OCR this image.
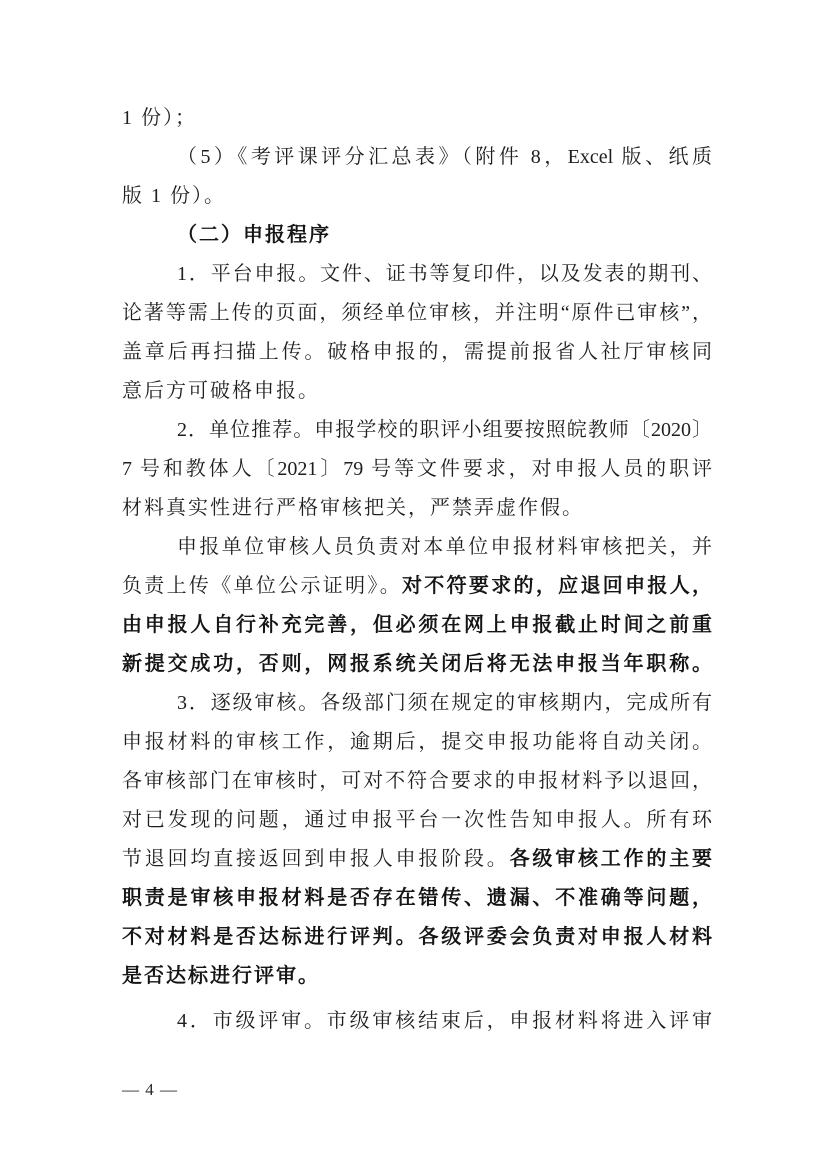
1 份）；
（5）《考评课评分汇总表》（附件 8，Excel 版、纸质
版 1 份）。
（二）申报程序
1．平台申报。文件、证书等复印件，以及发表的期刊、
论著等需上传的页面，须经单位审核，并注明“原件已审核”，
盖章后再扫描上传。破格申报的，需提前报省人社厅审核同
意后方可破格申报。
2．单位推荐。申报学校的职评小组要按照皖教师〔2020〕
7 号和教体人〔2021〕79 号等文件要求，对申报人员的职评
材料真实性进行严格审核把关，严禁弄虚作假。
申报单位审核人员负责对本单位申报材料审核把关，并
负责上传《单位公示证明》。对不符要求的，应退回申报人，
由申报人自行补充完善，但必须在网上申报截止时间之前重
新提交成功，否则，网报系统关闭后将无法申报当年职称。
3．逐级审核。各级部门须在规定的审核期内，完成所有
申报材料的审核工作，逾期后，提交申报功能将自动关闭。
各审核部门在审核时，可对不符合要求的申报材料予以退回，
对已发现的问题，通过申报平台一次性告知申报人。所有环
节退回均直接返回到申报人申报阶段。各级审核工作的主要
职责是审核申报材料是否存在错传、遗漏、不准确等问题，
不对材料是否达标进行评判。各级评委会负责对申报人材料
是否达标进行评审。
4．市级评审。市级审核结束后，申报材料将进入评审
— 4 —
